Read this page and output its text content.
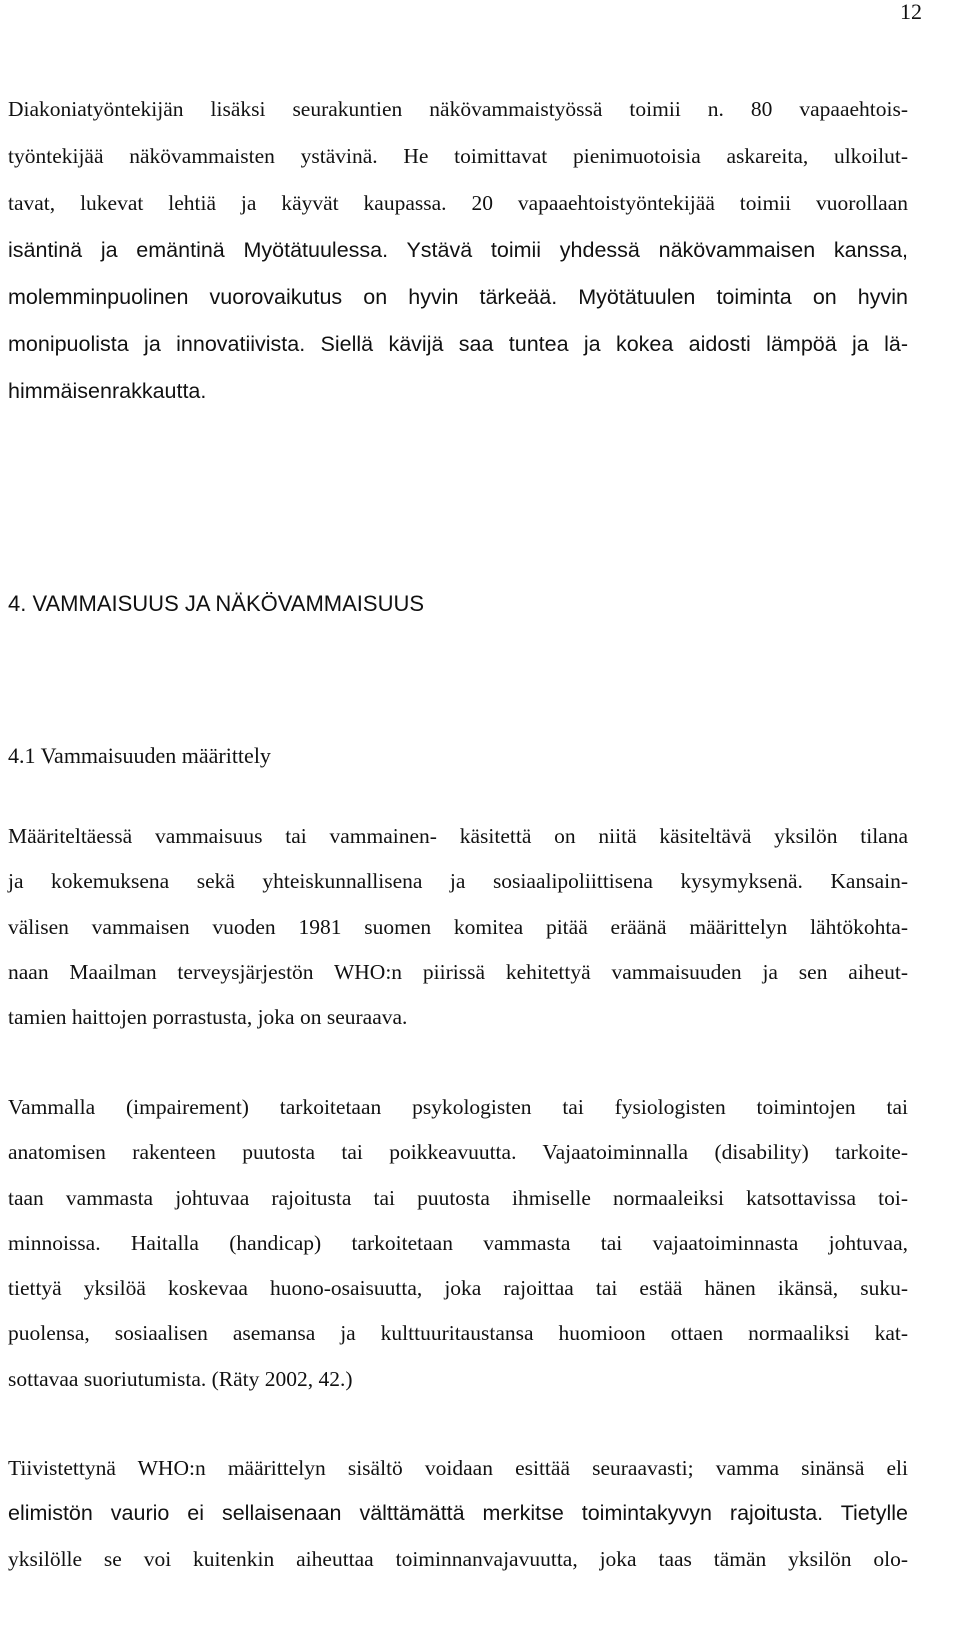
12
Diakoniatyöntekijän lisäksi seurakuntien näkövammaistyössä toimii n. 80 vapaaehtois-
työntekijää näkövammaisten ystävinä. He toimittavat pienimuotoisia askareita, ulkoilut-
tavat, lukevat lehtiä ja käyvät kaupassa. 20 vapaaehtoistyöntekijää toimii vuorollaan
isäntinä ja emäntinä Myötätuulessa. Ystävä toimii yhdessä näkövammaisen kanssa,
molemminpuolinen vuorovaikutus on hyvin tärkeää. Myötätuulen toiminta on hyvin
monipuolista ja innovatiivista. Siellä kävijä saa tuntea ja kokea aidosti lämpöä ja lä-
himmäisenrakkautta.
4. VAMMAISUUS JA NÄKÖVAMMAISUUS
4.1 Vammaisuuden määrittely
Määriteltäessä vammaisuus tai vammainen- käsitettä on niitä käsiteltävä yksilön tilana
ja kokemuksena sekä yhteiskunnallisena ja sosiaalipoliittisena kysymyksenä. Kansain-
välisen vammaisen vuoden 1981 suomen komitea pitää eräänä määrittelyn lähtökohta-
naan Maailman terveysjärjestön WHO:n piirissä kehitettyä vammaisuuden ja sen aiheut-
tamien haittojen porrastusta, joka on seuraava.
Vammalla (impairement) tarkoitetaan psykologisten tai fysiologisten toimintojen tai
anatomisen rakenteen puutosta tai poikkeavuutta. Vajaatoiminnalla (disability) tarkoite-
taan vammasta johtuvaa rajoitusta tai puutosta ihmiselle normaaleiksi katsottavissa toi-
minnoissa. Haitalla (handicap) tarkoitetaan vammasta tai vajaatoiminnasta johtuvaa,
tiettyä yksilöä koskevaa huono-osaisuutta, joka rajoittaa tai estää hänen ikänsä, suku-
puolensa, sosiaalisen asemansa ja kulttuuritaustansa huomioon ottaen normaaliksi kat-
sottavaa suoriutumista. (Räty 2002, 42.)
Tiivistettynä WHO:n määrittelyn sisältö voidaan esittää seuraavasti; vamma sinänsä eli
elimistön vaurio ei sellaisenaan välttämättä merkitse toimintakyvyn rajoitusta. Tietylle
yksilölle se voi kuitenkin aiheuttaa toiminnanvajavuutta, joka taas tämän yksilön olo-
